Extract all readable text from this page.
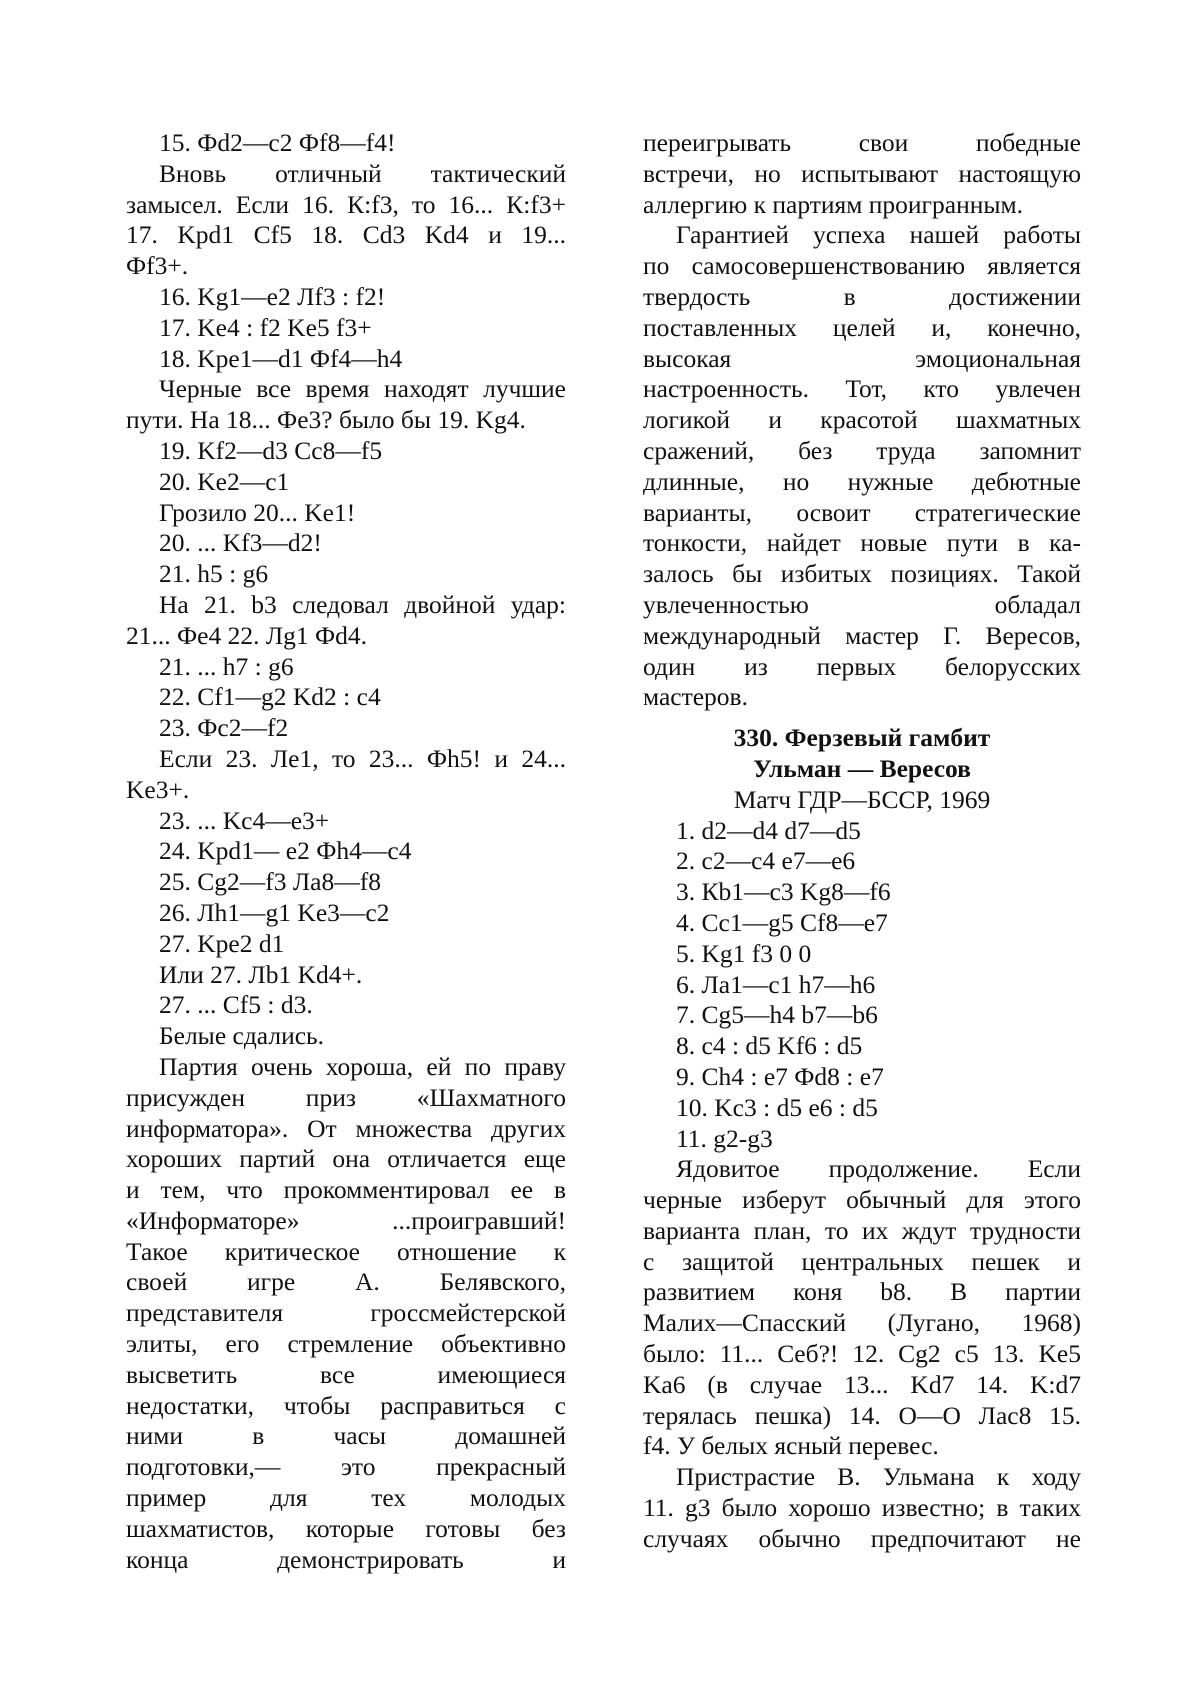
15. Фd2—c2 Фf8—f4!
Вновь отличный тактический
замысел. Если 16. К:f3, то 16... К:f3+
17. Kpd1 Cf5 18. Cd3 Kd4 и 19...
Фf3+.
16. Kg1—e2 Лf3 : f2!
17. Ke4 : f2 Ke5 f3+
18. Kpe1—d1 Фf4—h4
Черные все время находят лучшие
пути. На 18... Фe3? было бы 19. Kg4.
19. Kf2—d3 Cc8—f5
20. Ke2—c1
Грозило 20... Ke1!
20. ... Kf3—d2!
21. h5 : g6
На 21. b3 следовал двойной удар:
21... Фe4 22. Лg1 Фd4.
21. ... h7 : g6
22. Cf1—g2 Kd2 : c4
23. Фc2—f2
Если 23. Лe1, то 23... Фh5! и 24...
Ke3+.
23. ... Kc4—e3+
24. Kpd1— e2 Фh4—c4
25. Cg2—f3 Лa8—f8
26. Лh1—g1 Ke3—c2
27. Kpe2 d1
Или 27. Лb1 Kd4+.
27. ... Cf5 : d3.
Белые сдались.
Партия очень хороша, ей по праву
присужден приз «Шахматного
информатора». От множества других
хороших партий она отличается еще
и тем, что прокомментировал ее в
«Информаторе» ...проигравший!
Такое критическое отношение к
своей игре А. Белявского,
представителя гроссмейстерской
элиты, его стремление объективно
высветить все имеющиеся
недостатки, чтобы расправиться с
ними в часы домашней
подготовки,— это прекрасный
пример для тех молодых
шахматистов, которые готовы без
конца демонстрировать и
переигрывать свои победные
встречи, но испытывают настоящую
аллергию к партиям проигранным.
Гарантией успеха нашей работы
по самосовершенствованию является
твердость в достижении
поставленных целей и, конечно,
высокая эмоциональная
настроенность. Тот, кто увлечен
логикой и красотой шахматных
сражений, без труда запомнит
длинные, но нужные дебютные
варианты, освоит стратегические
тонкости, найдет новые пути в ка-
залось бы избитых позициях. Такой
увлеченностью обладал
международный мастер Г. Вересов,
один из первых белорусских
мастеров.
330. Ферзевый гамбит
Ульман — Вересов
Матч ГДР—БССР, 1969
1. d2—d4 d7—d5
2. c2—c4 e7—e6
3. Кb1—c3 Kg8—f6
4. Cc1—g5 Cf8—e7
5. Kg1 f3 0 0
6. Лa1—c1 h7—h6
7. Cg5—h4 b7—b6
8. c4 : d5 Kf6 : d5
9. Ch4 : e7 Фd8 : e7
10. Kc3 : d5 e6 : d5
11. g2-g3
Ядовитое продолжение. Если
черные изберут обычный для этого
варианта план, то их ждут трудности
с защитой центральных пешек и
развитием коня b8. В партии
Малих—Спасский (Лугано, 1968)
было: 11... Ceб?! 12. Cg2 c5 13. Ke5
Ka6 (в случае 13... Kd7 14. K:d7
терялась пешка) 14. O—O Лac8 15.
f4. У белых ясный перевес.
Пристрастие В. Ульмана к ходу
11. g3 было хорошо известно; в таких
случаях обычно предпочитают не
